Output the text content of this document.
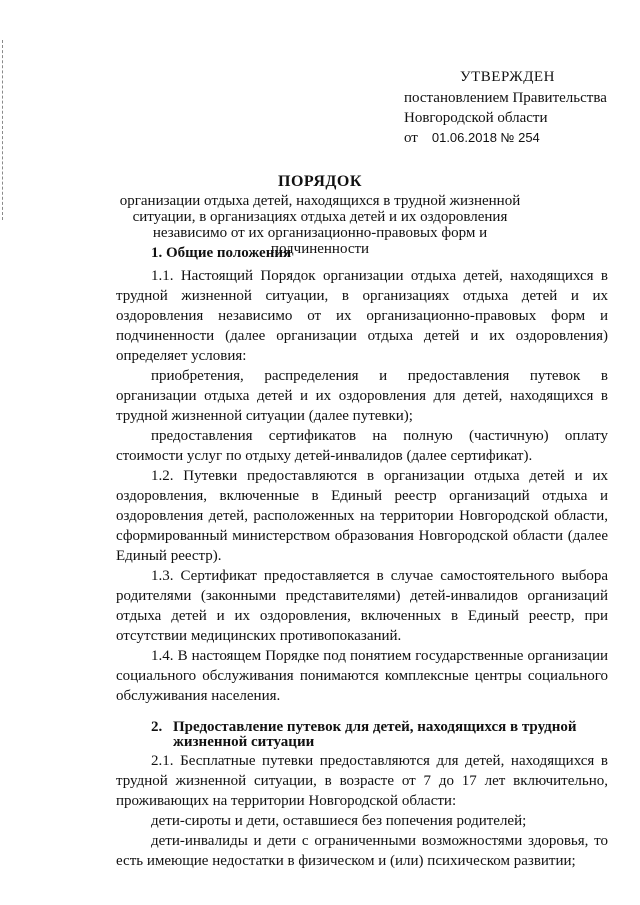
УТВЕРЖДЕН
постановлением Правительства
Новгородской области
от 01.06.2018 № 254
ПОРЯДОК
организации отдыха детей, находящихся в трудной жизненной ситуации, в организациях отдыха детей и их оздоровления независимо от их организационно-правовых форм и подчиненности
1. Общие положения

1.1. Настоящий Порядок организации отдыха детей, находящихся в трудной жизненной ситуации, в организациях отдыха детей и их оздоровления независимо от их организационно-правовых форм и подчиненности (далее организации отдыха детей и их оздоровления) определяет условия:

приобретения, распределения и предоставления путевок в организации отдыха детей и их оздоровления для детей, находящихся в трудной жизненной ситуации (далее путевки);

предоставления сертификатов на полную (частичную) оплату стоимости услуг по отдыху детей-инвалидов (далее сертификат).

1.2. Путевки предоставляются в организации отдыха детей и их оздоровления, включенные в Единый реестр организаций отдыха и оздоровления детей, расположенных на территории Новгородской области, сформированный министерством образования Новгородской области (далее Единый реестр).

1.3. Сертификат предоставляется в случае самостоятельного выбора родителями (законными представителями) детей-инвалидов организаций отдыха детей и их оздоровления, включенных в Единый реестр, при отсутствии медицинских противопоказаний.

1.4. В настоящем Порядке под понятием государственные организации социального обслуживания понимаются комплексные центры социального обслуживания населения.

2. Предоставление путевок для детей, находящихся в трудной
жизненной ситуации

2.1. Бесплатные путевки предоставляются для детей, находящихся в трудной жизненной ситуации, в возрасте от 7 до 17 лет включительно, проживающих на территории Новгородской области:

дети-сироты и дети, оставшиеся без попечения родителей;

дети-инвалиды и дети с ограниченными возможностями здоровья, то есть имеющие недостатки в физическом и (или) психическом развитии;
